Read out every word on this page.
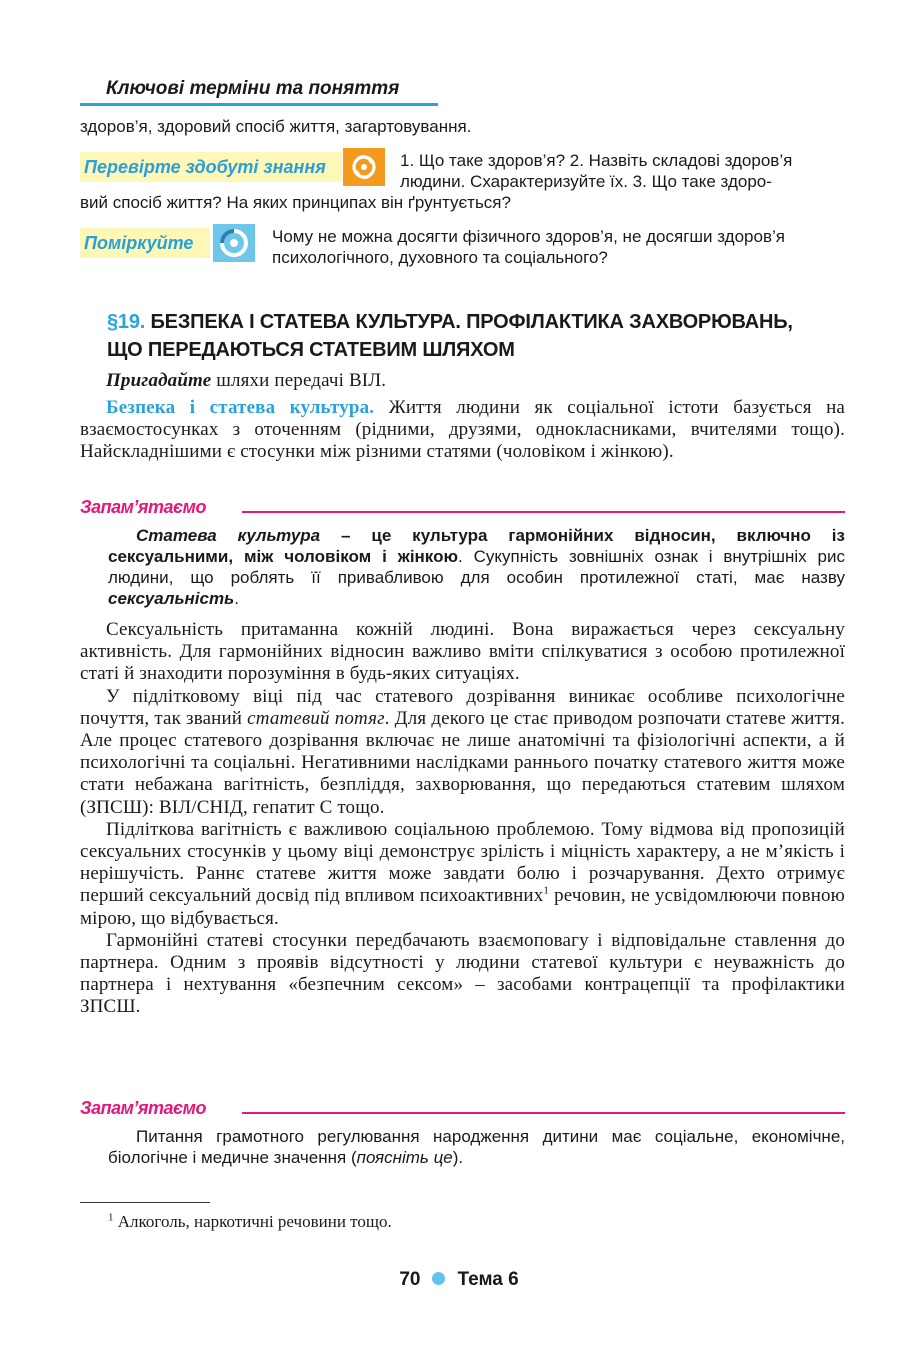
Ключові терміни та поняття
здоров’я, здоровий спосіб життя, загартовування.
Перевірте здобуті знання	1. Що таке здоров’я? 2. Назвіть складові здоров’я
людини. Схарактеризуйте їх. 3. Що таке здоро-
вий спосіб життя? На яких принципах він ґрунтується?
Поміркуйте	Чому не можна досягти фізичного здоров’я, не досягши здоров’я
психологічного, духовного та соціального?
§19. БЕЗПЕКА І СТАТЕВА КУЛЬТУРА. ПРОФІЛАКТИКА ЗАХВОРЮВАНЬ,
ЩО ПЕРЕДАЮТЬСЯ СТАТЕВИМ ШЛЯХОМ

Пригадайте шляхи передачі ВІЛ.

Безпека і статева культура. Життя людини як соціальної істоти базується на взаємостосунках з оточенням (рідними, друзями, однокласниками, вчителями тощо). Найскладнішими є стосунки між різними статями (чоловіком і жінкою).

Запам’ятаємо

Статева культура – це культура гармонійних відносин, включно із сексуальними, між чоловіком і жінкою. Сукупність зовнішніх ознак і внутрішніх рис людини, що роблять її привабливою для особин протилежної статі, має назву сексуальність.

Сексуальність притаманна кожній людині. Вона виражається через сексуальну активність. Для гармонійних відносин важливо вміти спілкуватися з особою протилежної статі й знаходити порозуміння в будь-яких ситуаціях.

У підлітковому віці під час статевого дозрівання виникає особливе психологічне почуття, так званий статевий потяг. Для декого це стає приводом розпочати статеве життя. Але процес статевого дозрівання включає не лише анатомічні та фізіологічні аспекти, а й психологічні та соціальні. Негативними наслідками раннього початку статевого життя може стати небажана вагітність, безпліддя, захворювання, що передаються статевим шляхом (ЗПСШ): ВІЛ/СНІД, гепатит С тощо.

Підліткова вагітність є важливою соціальною проблемою. Тому відмова від пропозицій сексуальних стосунків у цьому віці демонструє зрілість і міцність характеру, а не м’якість і нерішучість. Раннє статеве життя може завдати болю і розчарування. Дехто отримує перший сексуальний досвід під впливом психоактивних$^1$ речовин, не усвідомлюючи повною мірою, що відбувається.

Гармонійні статеві стосунки передбачають взаємоповагу і відповідальне ставлення до партнера. Одним з проявів відсутності у людини статевої культури є неуважність до партнера і нехтування «безпечним сексом» – засобами контрацепції та профілактики ЗПСШ.

Запам’ятаємо

Питання грамотного регулювання народження дитини має соціальне, економічне, біологічне і медичне значення (поясніть це).

$^1$ Алкоголь, наркотичні речовини тощо.
70 Тема 6
